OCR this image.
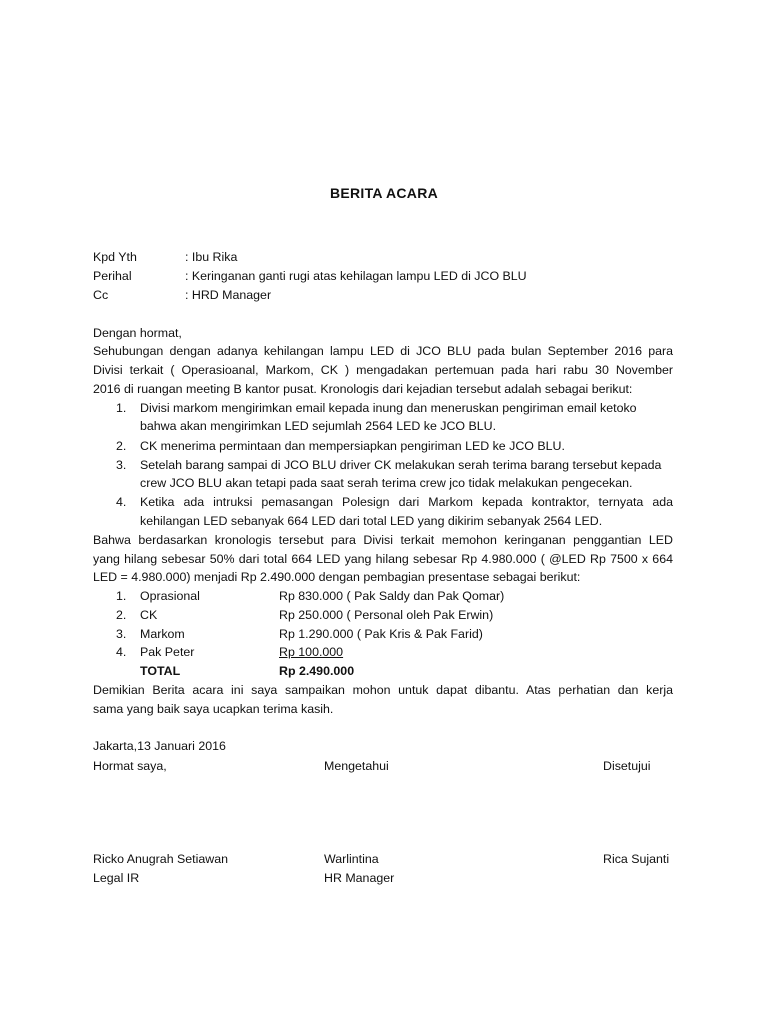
BERITA ACARA
Kpd Yth	: Ibu Rika
Perihal	: Keringanan ganti rugi atas kehilagan lampu LED di JCO BLU
Cc	: HRD Manager
Dengan hormat,
Sehubungan dengan adanya kehilangan lampu LED di JCO BLU pada bulan September 2016 para
Divisi terkait ( Operasioanal, Markom, CK ) mengadakan pertemuan pada hari rabu 30 November
2016 di ruangan meeting B kantor pusat. Kronologis dari kejadian tersebut adalah sebagai berikut:
1. Divisi markom mengirimkan email kepada inung dan meneruskan pengiriman email ketoko
bahwa akan mengirimkan LED sejumlah 2564 LED ke JCO BLU.
2. CK menerima permintaan dan mempersiapkan pengiriman LED ke JCO BLU.
3. Setelah barang sampai di JCO BLU driver CK melakukan serah terima barang tersebut kepada
crew JCO BLU akan tetapi pada saat serah terima crew jco tidak melakukan pengecekan.
4. Ketika ada intruksi pemasangan Polesign dari Markom kepada kontraktor, ternyata ada
kehilangan LED sebanyak 664 LED dari total LED yang dikirim sebanyak 2564 LED.
Bahwa berdasarkan kronologis tersebut para Divisi terkait memohon keringanan penggantian LED
yang hilang sebesar 50% dari total 664 LED yang hilang sebesar Rp 4.980.000 ( @LED Rp 7500 x 664
LED = 4.980.000) menjadi Rp 2.490.000 dengan pembagian presentase sebagai berikut:
1. Oprasional	Rp 830.000 ( Pak Saldy dan Pak Qomar)
2. CK	Rp 250.000 ( Personal oleh Pak Erwin)
3. Markom	Rp 1.290.000 ( Pak Kris & Pak Farid)
4. Pak Peter	Rp 100.000
TOTAL	Rp 2.490.000
Demikian Berita acara ini saya sampaikan mohon untuk dapat dibantu. Atas perhatian dan kerja
sama yang baik saya ucapkan terima kasih.
Jakarta,13 Januari 2016
Hormat saya,	Mengetahui	Disetujui
Ricko Anugrah Setiawan	Warlintina	Rica Sujanti
Legal IR	HR Manager
